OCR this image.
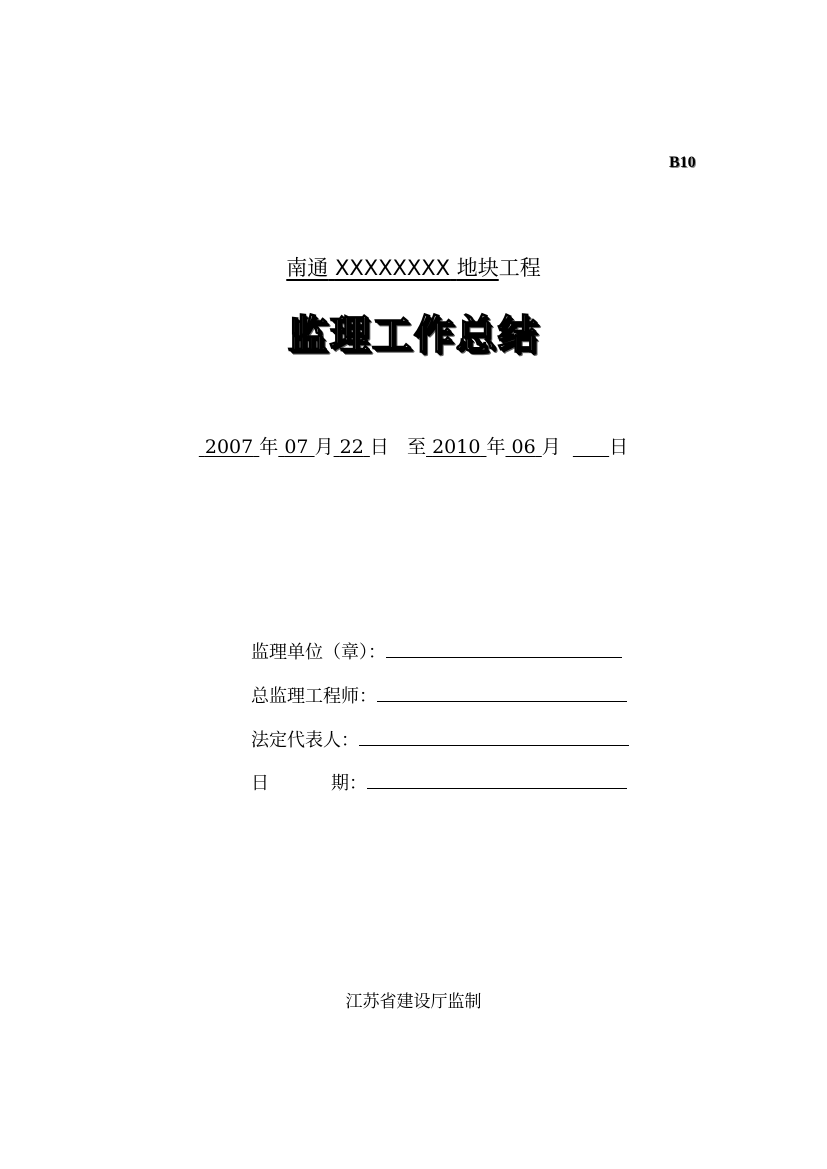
B10
南通 XXXXXXXX 地块工程
监理工作总结
2007 年 07 月 22 日 至 2010 年 06 月	日
监理单位（章）：
总监理工程师：
法定代表人：
日	期：
江苏省建设厅监制
